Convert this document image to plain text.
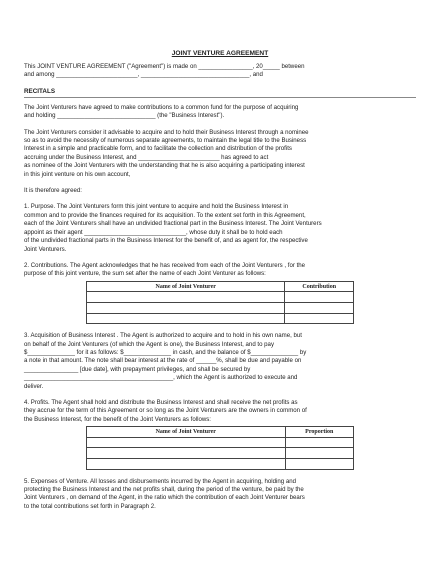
JOINT VENTURE AGREEMENT

This JOINT VENTURE AGREEMENT ("Agreement") is made on ________________, 20_____ between

and among ________________________, ________________________________, and

RECITALS

The Joint Venturers have agreed to make contributions to a common fund for the purpose of acquiring

and holding _____________________________ (the "Business Interest").

The Joint Venturers consider it advisable to acquire and to hold their Business Interest through a nominee

so as to avoid the necessity of numerous separate agreements, to maintain the legal title to the Business

Interest in a simple and practicable form, and to facilitate the collection and distribution of the profits

accruing under the Business Interest, and ________________________ has agreed to act

as nominee of the Joint Venturers with the understanding that he is also acquiring a participating interest

in this joint venture on his own account,

It is therefore agreed:

1. Purpose. The Joint Venturers form this joint venture to acquire and hold the Business Interest in

common and to provide the finances required for its acquisition. To the extent set forth in this Agreement,

each of the Joint Venturers shall have an undivided fractional part in the Business Interest. The Joint Venturers

appoint as their agent ______________________________, whose duty it shall be to hold each

of the undivided fractional parts in the Business Interest for the benefit of, and as agent for, the respective

Joint Venturers.

2. Contributions. The Agent acknowledges that he has received from each of the Joint Venturers , for the

purpose of this joint venture, the sum set after the name of each Joint Venturer as follows:

Name of Joint Venturer	Contribution

3. Acquisition of Business Interest . The Agent is authorized to acquire and to hold in his own name, but

on behalf of the Joint Venturers (of which the Agent is one), the Business Interest, and to pay

$______________ for it as follows: $______________ in cash, and the balance of $______________ by

a note in that amount. The note shall bear interest at the rate of ______%, shall be due and payable on

________________ [due date], with prepayment privileges, and shall be secured by

____________________________________________, which the Agent is authorized to execute and

deliver.

4. Profits. The Agent shall hold and distribute the Business Interest and shall receive the net profits as

they accrue for the term of this Agreement or so long as the Joint Venturers are the owners in common of

the Business Interest, for the benefit of the Joint Venturers as follows:

Name of Joint Venturer	Proportion

5. Expenses of Venture. All losses and disbursements incurred by the Agent in acquiring, holding and

protecting the Business Interest and the net profits shall, during the period of the venture, be paid by the

Joint Venturers , on demand of the Agent, in the ratio which the contribution of each Joint Venturer bears

to the total contributions set forth in Paragraph 2.
